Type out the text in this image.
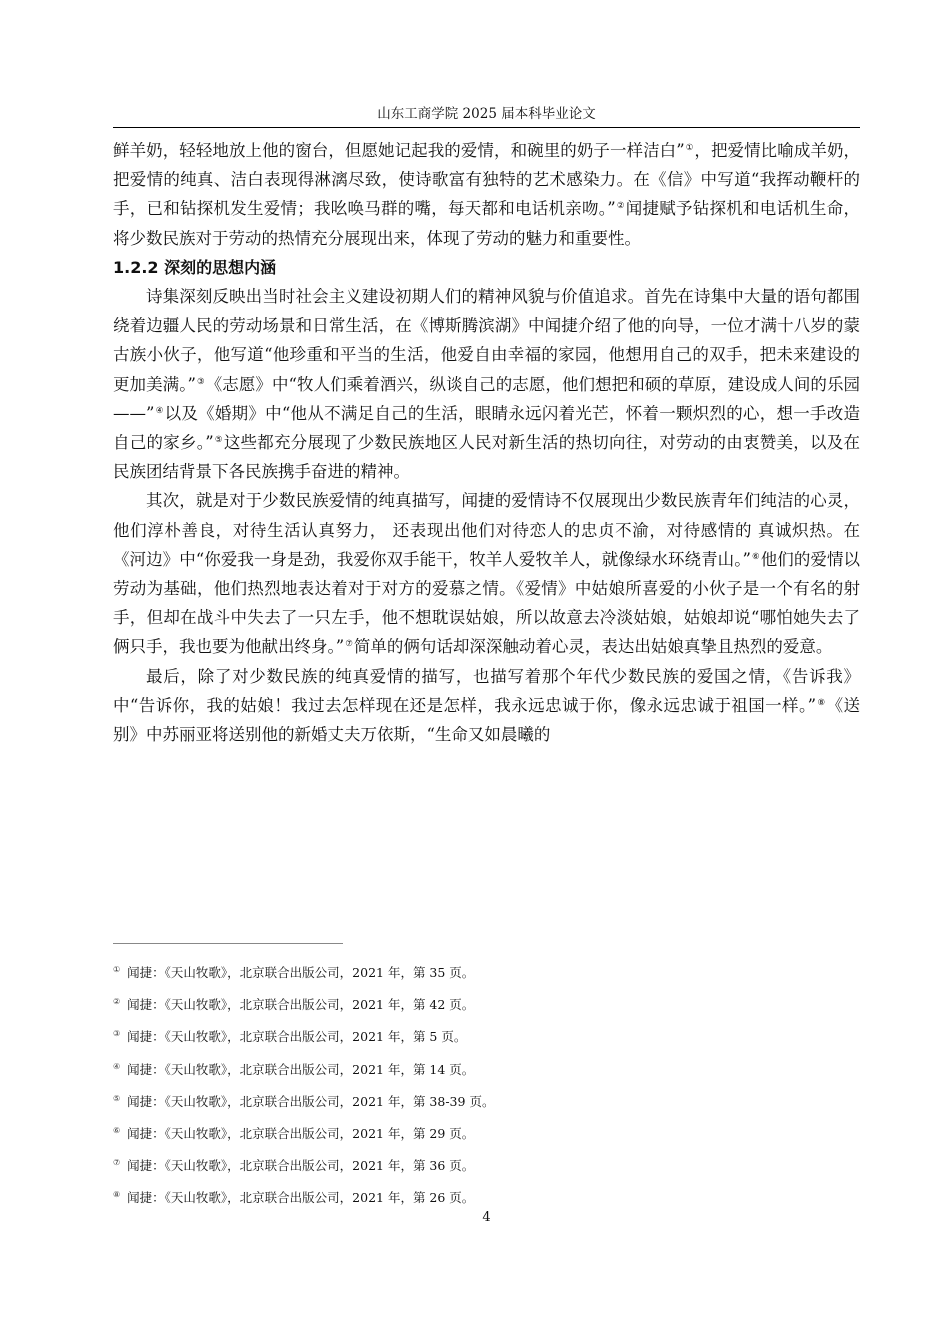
山东工商学院 2025 届本科毕业论文

鲜羊奶，轻轻地放上他的窗台，但愿她记起我的爱情，和碗里的奶子一样洁白”①，把爱情比喻成羊奶，把爱情的纯真、洁白表现得淋漓尽致，使诗歌富有独特的艺术感染力。在《信》中写道“我挥动鞭杆的手，已和钻探机发生爱情；我吆唤马群的嘴，每天都和电话机亲吻。”②闻捷赋予钻探机和电话机生命，将少数民族对于劳动的热情充分展现出来，体现了劳动的魅力和重要性。

1.2.2 深刻的思想内涵

诗集深刻反映出当时社会主义建设初期人们的精神风貌与价值追求。首先在诗集中大量的语句都围绕着边疆人民的劳动场景和日常生活，在《博斯腾滨湖》中闻捷介绍了他的向导，一位才满十八岁的蒙古族小伙子，他写道“他珍重和平当的生活，他爱自由幸福的家园，他想用自己的双手，把未来建设的更加美满。”③《志愿》中“牧人们乘着酒兴，纵谈自己的志愿，他们想把和硕的草原，建设成人间的乐园——”④以及《婚期》中“他从不满足自己的生活，眼睛永远闪着光芒，怀着一颗炽烈的心，想一手改造自己的家乡。”⑤这些都充分展现了少数民族地区人民对新生活的热切向往，对劳动的由衷赞美，以及在民族团结背景下各民族携手奋进的精神。

其次，就是对于少数民族爱情的纯真描写，闻捷的爱情诗不仅展现出少数民族青年们纯洁的心灵，他们淳朴善良，对待生活认真努力， 还表现出他们对待恋人的忠贞不渝，对待感情的 真诚炽热。在《河边》中“你爱我一身是劲，我爱你双手能干，牧羊人爱牧羊人，就像绿水环绕青山。”⑥他们的爱情以劳动为基础，他们热烈地表达着对于对方的爱慕之情。《爱情》中姑娘所喜爱的小伙子是一个有名的射手，但却在战斗中失去了一只左手，他不想耽误姑娘，所以故意去冷淡姑娘，姑娘却说“哪怕她失去了俩只手，我也要为他献出终身。”⑦简单的俩句话却深深触动着心灵，表达出姑娘真挚且热烈的爱意。

最后，除了对少数民族的纯真爱情的描写，也描写着那个年代少数民族的爱国之情，《告诉我》中“告诉你，我的姑娘！我过去怎样现在还是怎样，我永远忠诚于你，像永远忠诚于祖国一样。”⑧《送别》中苏丽亚将送别他的新婚丈夫万依斯，“生命又如晨曦的

① 闻捷：《天山牧歌》，北京联合出版公司，2021 年，第 35 页。
② 闻捷：《天山牧歌》，北京联合出版公司，2021 年，第 42 页。
③ 闻捷：《天山牧歌》，北京联合出版公司，2021 年，第 5 页。
④ 闻捷：《天山牧歌》，北京联合出版公司，2021 年，第 14 页。
⑤ 闻捷：《天山牧歌》，北京联合出版公司，2021 年，第 38-39 页。
⑥ 闻捷：《天山牧歌》，北京联合出版公司，2021 年，第 29 页。
⑦ 闻捷：《天山牧歌》，北京联合出版公司，2021 年，第 36 页。
⑧ 闻捷：《天山牧歌》，北京联合出版公司，2021 年，第 26 页。
4
